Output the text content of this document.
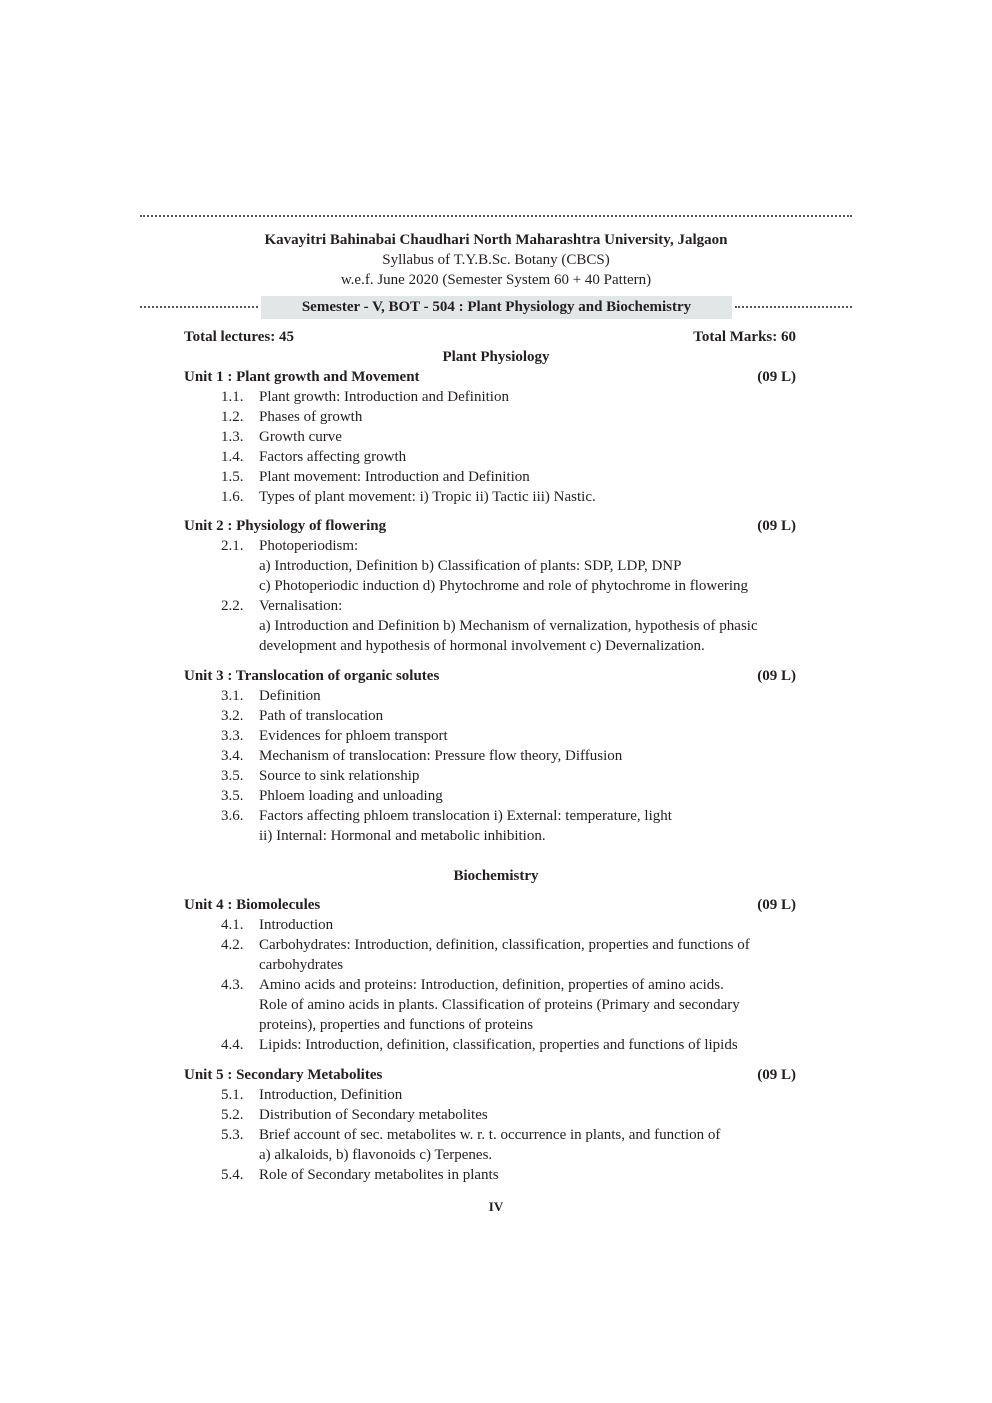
Kavayitri Bahinabai Chaudhari North Maharashtra University, Jalgaon
Syllabus of T.Y.B.Sc. Botany (CBCS)
w.e.f. June 2020 (Semester System 60 + 40 Pattern)
Semester - V, BOT - 504 : Plant Physiology and Biochemistry
Total lectures: 45	Total Marks: 60
Plant Physiology
Unit 1 : Plant growth and Movement	(09 L)
1.1. Plant growth: Introduction and Definition
1.2. Phases of growth
1.3. Growth curve
1.4. Factors affecting growth
1.5. Plant movement: Introduction and Definition
1.6. Types of plant movement: i) Tropic ii) Tactic iii) Nastic.
Unit 2 : Physiology of flowering	(09 L)
2.1. Photoperiodism:
a) Introduction, Definition b) Classification of plants: SDP, LDP, DNP
c) Photoperiodic induction d) Phytochrome and role of phytochrome in flowering
2.2. Vernalisation:
a) Introduction and Definition b) Mechanism of vernalization, hypothesis of phasic
development and hypothesis of hormonal involvement c) Devernalization.
Unit 3 : Translocation of organic solutes	(09 L)
3.1. Definition
3.2. Path of translocation
3.3. Evidences for phloem transport
3.4. Mechanism of translocation: Pressure flow theory, Diffusion
3.5. Source to sink relationship
3.5. Phloem loading and unloading
3.6. Factors affecting phloem translocation i) External: temperature, light
ii) Internal: Hormonal and metabolic inhibition.
Biochemistry
Unit 4 : Biomolecules	(09 L)
4.1. Introduction
4.2. Carbohydrates: Introduction, definition, classification, properties and functions of
carbohydrates
4.3. Amino acids and proteins: Introduction, definition, properties of amino acids.
Role of amino acids in plants. Classification of proteins (Primary and secondary
proteins), properties and functions of proteins
4.4. Lipids: Introduction, definition, classification, properties and functions of lipids
Unit 5 : Secondary Metabolites	(09 L)
5.1. Introduction, Definition
5.2. Distribution of Secondary metabolites
5.3. Brief account of sec. metabolites w. r. t. occurrence in plants, and function of
a) alkaloids, b) flavonoids c) Terpenes.
5.4. Role of Secondary metabolites in plants
IV
